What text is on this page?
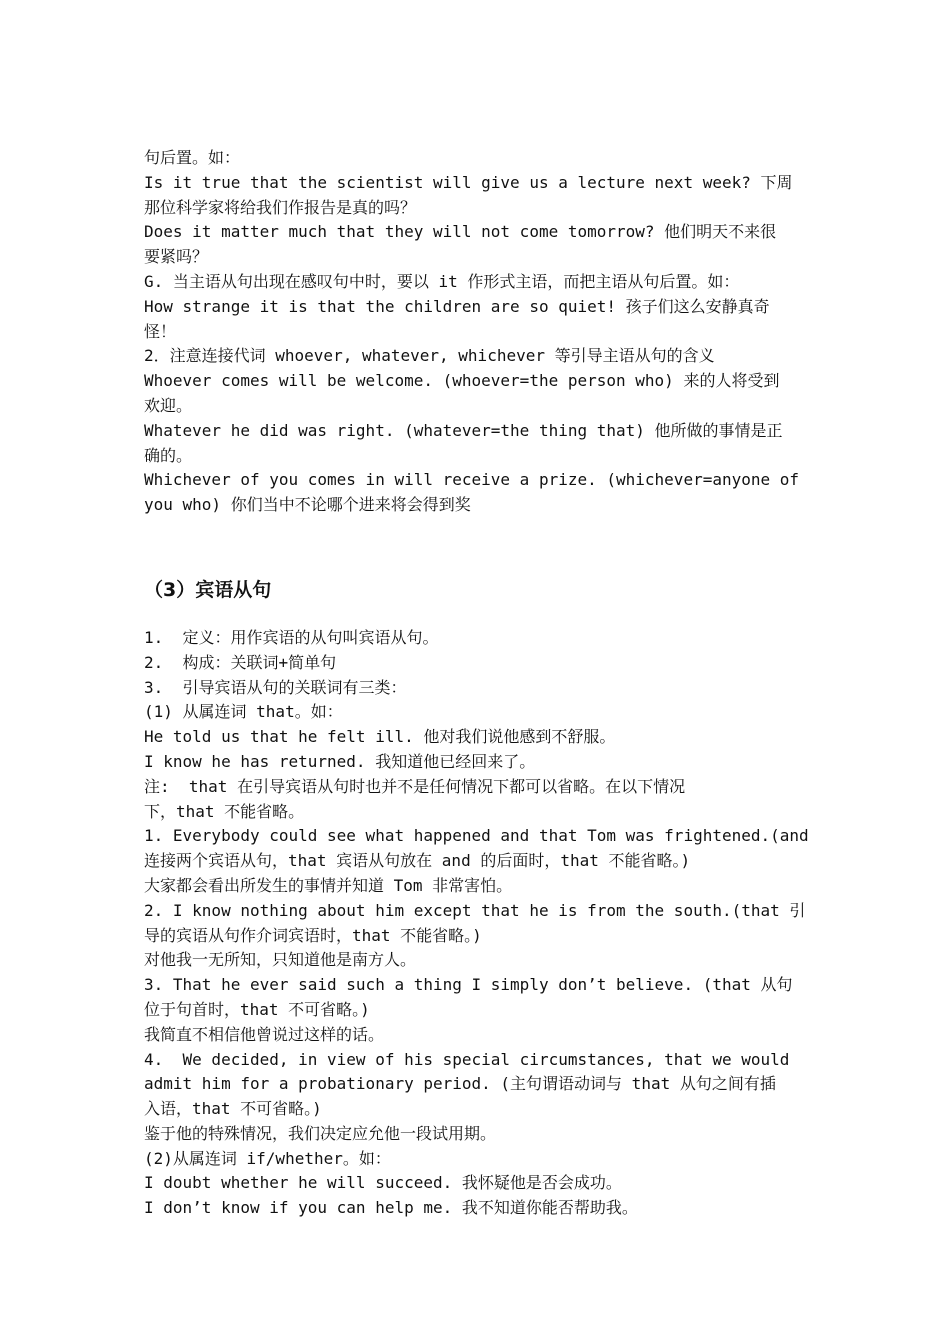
句后置。如：
Is it true that the scientist will give us a lecture next week? 下周
那位科学家将给我们作报告是真的吗？
Does it matter much that they will not come tomorrow? 他们明天不来很
要紧吗？
G. 当主语从句出现在感叹句中时，要以 it 作形式主语，而把主语从句后置。如：
How strange it is that the children are so quiet! 孩子们这么安静真奇
怪！
2．注意连接代词 whoever, whatever, whichever 等引导主语从句的含义
Whoever comes will be welcome. (whoever=the person who) 来的人将受到
欢迎。
Whatever he did was right. (whatever=the thing that) 他所做的事情是正
确的。
Whichever of you comes in will receive a prize. (whichever=anyone of
you who) 你们当中不论哪个进来将会得到奖
（3）宾语从句
1.  定义：用作宾语的从句叫宾语从句。
2.  构成：关联词+简单句
3.  引导宾语从句的关联词有三类：
(1) 从属连词 that。如：
He told us that he felt ill. 他对我们说他感到不舒服。
I know he has returned. 我知道他已经回来了。
注:  that 在引导宾语从句时也并不是任何情况下都可以省略。在以下情况
下，that 不能省略。
1. Everybody could see what happened and that Tom was frightened.(and
连接两个宾语从句，that 宾语从句放在 and 的后面时，that 不能省略。)
大家都会看出所发生的事情并知道 Tom 非常害怕。
2. I know nothing about him except that he is from the south.(that 引
导的宾语从句作介词宾语时，that 不能省略。)
对他我一无所知，只知道他是南方人。
3. That he ever said such a thing I simply don’t believe. (that 从句
位于句首时，that 不可省略。)
我简直不相信他曾说过这样的话。
4.  We decided, in view of his special circumstances, that we would
admit him for a probationary period. (主句谓语动词与 that 从句之间有插
入语，that 不可省略。)
鉴于他的特殊情况，我们决定应允他一段试用期。
(2)从属连词 if/whether。如：
I doubt whether he will succeed. 我怀疑他是否会成功。
I don’t know if you can help me. 我不知道你能否帮助我。
